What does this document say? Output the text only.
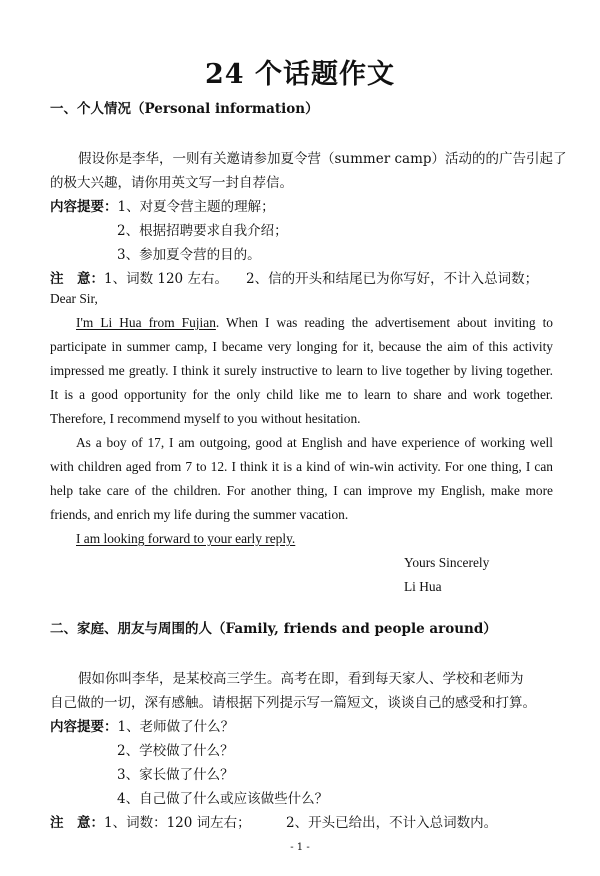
24 个话题作文
一、个人情况（Personal information）
假设你是李华，一则有关邀请参加夏令营（summer camp）活动的的广告引起了
的极大兴趣，请你用英文写一封自荐信。
内容提要：1、对夏令营主题的理解；
2、根据招聘要求自我介绍；
3、参加夏令营的目的。
注　意：1、词数 120 左右。 2、信的开头和结尾已为你写好，不计入总词数；
Dear Sir,
I'm Li Hua from Fujian. When I was reading the advertisement about inviting to
participate in summer camp, I became very longing for it, because the aim of this activity
impressed me greatly. I think it surely instructive to learn to live together by living together.
It is a good opportunity for the only child like me to learn to share and work together.
Therefore, I recommend myself to you without hesitation.
As a boy of 17, I am outgoing, good at English and have experience of working well
with children aged from 7 to 12. I think it is a kind of win-win activity. For one thing, I can
help take care of the children. For another thing, I can improve my English, make more
friends, and enrich my life during the summer vacation.
I am looking forward to your early reply.
Yours Sincerely
Li Hua
二、家庭、朋友与周围的人（Family, friends and people around）
假如你叫李华，是某校高三学生。高考在即，看到每天家人、学校和老师为
自己做的一切，深有感触。请根据下列提示写一篇短文，谈谈自己的感受和打算。
内容提要：1、老师做了什么？
2、学校做了什么？
3、家长做了什么？
4、自己做了什么或应该做些什么？
注　意：1、词数：120 词左右；	2、开头已给出，不计入总词数内。
- 1 -
